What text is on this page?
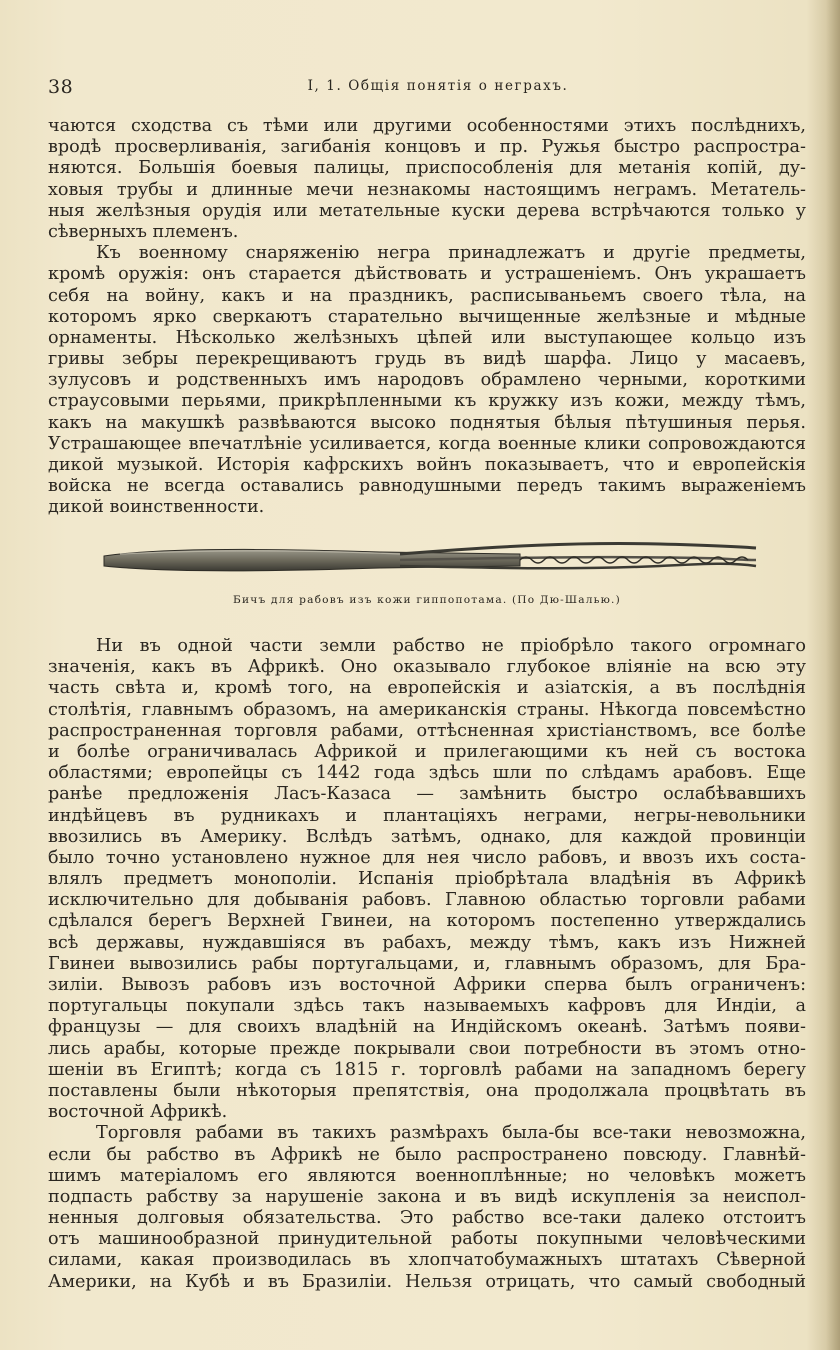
38	I, 1. Общія понятія о неграхъ.
чаются сходства съ тѣми или другими особенностями этихъ послѣднихъ,
вродѣ просверливанія, загибанія концовъ и пр. Ружья быстро распростра-
няются. Большія боевыя палицы, приспособленія для метанія копій, ду-
ховыя трубы и длинные мечи незнакомы настоящимъ неграмъ. Метатель-
ныя желѣзныя орудія или метательные куски дерева встрѣчаются только у
сѣверныхъ племенъ.
Къ военному снаряженію негра принадлежатъ и другіе предметы,
кромѣ оружія: онъ старается дѣйствовать и устрашеніемъ. Онъ украшаетъ
себя на войну, какъ и на праздникъ, расписываньемъ своего тѣла, на
которомъ ярко сверкаютъ старательно вычищенные желѣзные и мѣдные
орнаменты. Нѣсколько желѣзныхъ цѣпей или выступающее кольцо изъ
гривы зебры перекрещиваютъ грудь въ видѣ шарфа. Лицо у масаевъ,
зулусовъ и родственныхъ имъ народовъ обрамлено черными, короткими
страусовыми перьями, прикрѣпленными къ кружку изъ кожи, между тѣмъ,
какъ на макушкѣ развѣваются высоко поднятыя бѣлыя пѣтушиныя перья.
Устрашающее впечатлѣніе усиливается, когда военные клики сопровождаются
дикой музыкой. Исторія кафрскихъ войнъ показываетъ, что и европейскія
войска не всегда оставались равнодушными передъ такимъ выраженіемъ
дикой воинственности.
Бичъ для рабовъ изъ кожи гиппопотама. (По Дю-Шалью.)
Ни въ одной части земли рабство не пріобрѣло такого огромнаго
значенія, какъ въ Африкѣ. Оно оказывало глубокое вліяніе на всю эту
часть свѣта и, кромѣ того, на европейскія и азіатскія, а въ послѣднія
столѣтія, главнымъ образомъ, на американскія страны. Нѣкогда повсемѣстно
распространенная торговля рабами, оттѣсненная христіанствомъ, все болѣе
и болѣе ограничивалась Африкой и прилегающими къ ней съ востока
областями; европейцы съ 1442 года здѣсь шли по слѣдамъ арабовъ. Еще
ранѣе предложенія Ласъ-Казаса — замѣнить быстро ослабѣвавшихъ
индѣйцевъ въ рудникахъ и плантаціяхъ неграми, негры-невольники
ввозились въ Америку. Вслѣдъ затѣмъ, однако, для каждой провинціи
было точно установлено нужное для нея число рабовъ, и ввозъ ихъ соста-
влялъ предметъ монополіи. Испанія пріобрѣтала владѣнія въ Африкѣ
исключительно для добыванія рабовъ. Главною областью торговли рабами
сдѣлался берегъ Верхней Гвинеи, на которомъ постепенно утверждались
всѣ державы, нуждавшіяся въ рабахъ, между тѣмъ, какъ изъ Нижней
Гвинеи вывозились рабы португальцами, и, главнымъ образомъ, для Бра-
зиліи. Вывозъ рабовъ изъ восточной Африки сперва былъ ограниченъ:
португальцы покупали здѣсь такъ называемыхъ кафровъ для Индіи, а
французы — для своихъ владѣній на Индійскомъ океанѣ. Затѣмъ появи-
лись арабы, которые прежде покрывали свои потребности въ этомъ отно-
шеніи въ Египтѣ; когда съ 1815 г. торговлѣ рабами на западномъ берегу
поставлены были нѣкоторыя препятствія, она продолжала процвѣтать въ
восточной Африкѣ.
Торговля рабами въ такихъ размѣрахъ была-бы все-таки невозможна,
если бы рабство въ Африкѣ не было распространено повсюду. Главнѣй-
шимъ матеріаломъ его являются военноплѣнные; но человѣкъ можетъ
подпасть рабству за нарушеніе закона и въ видѣ искупленія за неиспол-
ненныя долговыя обязательства. Это рабство все-таки далеко отстоитъ
отъ машинообразной принудительной работы покупными человѣческими
силами, какая производилась въ хлопчатобумажныхъ штатахъ Сѣверной
Америки, на Кубѣ и въ Бразиліи. Нельзя отрицать, что самый свободный
